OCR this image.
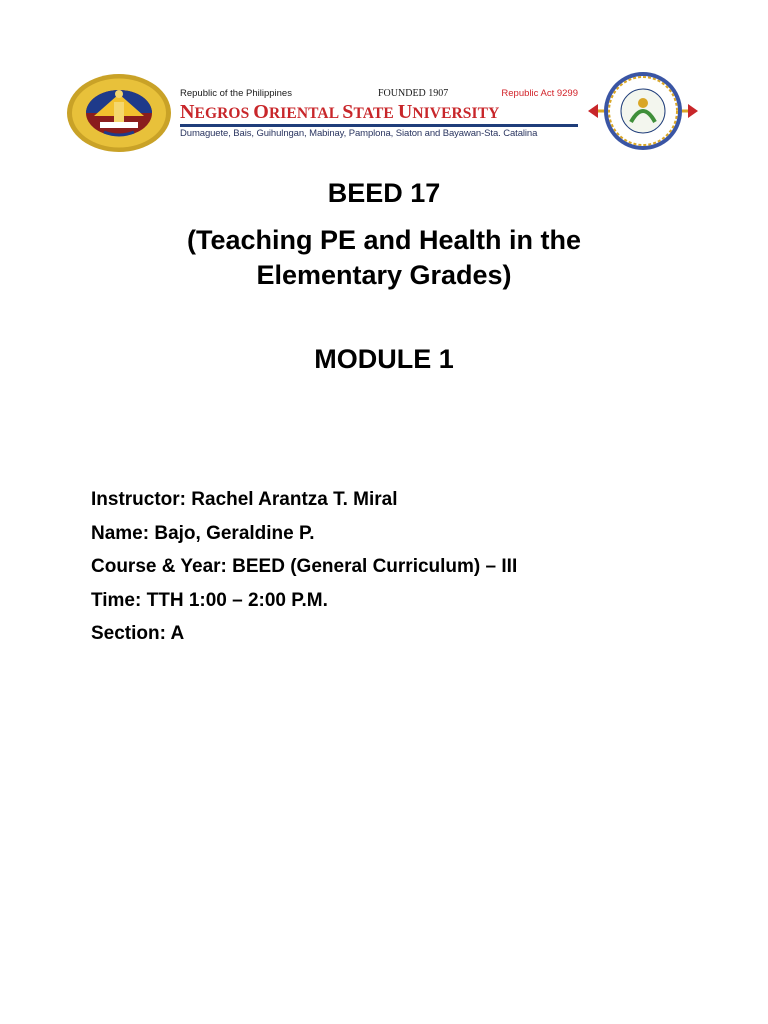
Republic of the Philippines	FOUNDED 1907	Republic Act 9299
NEGROS ORIENTAL STATE UNIVERSITY
Dumaguete, Bais, Guihulngan, Mabinay, Pamplona, Siaton and Bayawan-Sta. Catalina
BEED 17
(Teaching PE and Health in the
Elementary Grades)
MODULE 1
Instructor: Rachel Arantza T. Miral
Name: Bajo, Geraldine P.
Course & Year: BEED (General Curriculum) – III
Time: TTH 1:00 – 2:00 P.M.
Section: A
